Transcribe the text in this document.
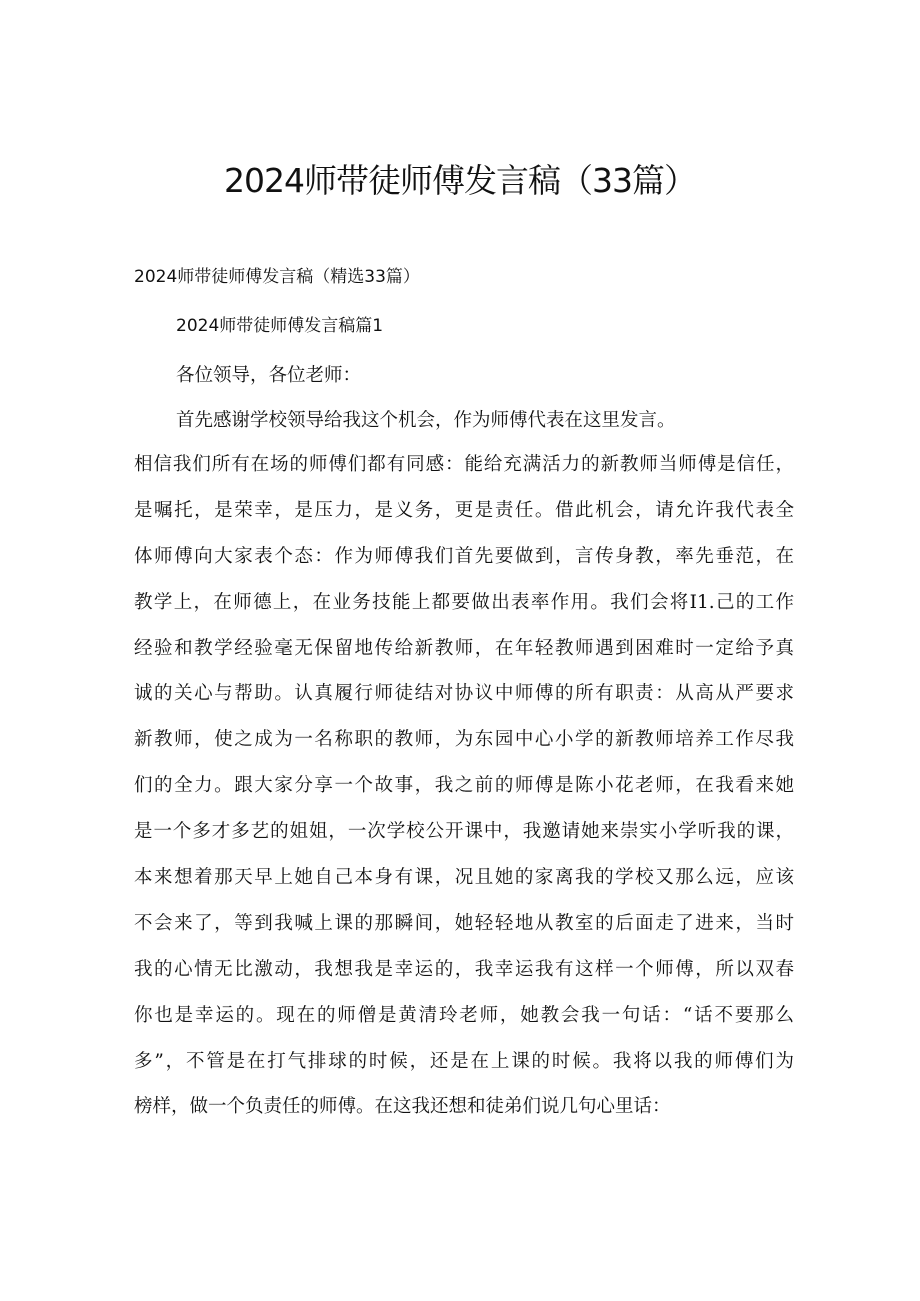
2024师带徒师傅发言稿（33篇）
2024师带徒师傅发言稿（精选33篇）
2024师带徒师傅发言稿篇1
各位领导，各位老师：
首先感谢学校领导给我这个机会，作为师傅代表在这里发言。
相信我们所有在场的师傅们都有同感：能给充满活力的新教师当师傅是信任，
是嘱托，是荣幸，是压力，是义务，更是责任。借此机会，请允许我代表全
体师傅向大家表个态：作为师傅我们首先要做到，言传身教，率先垂范，在
教学上，在师德上，在业务技能上都要做出表率作用。我们会将I1.己的工作
经验和教学经验毫无保留地传给新教师，在年轻教师遇到困难时一定给予真
诚的关心与帮助。认真履行师徒结对协议中师傅的所有职责：从高从严要求
新教师，使之成为一名称职的教师，为东园中心小学的新教师培养工作尽我
们的全力。跟大家分享一个故事，我之前的师傅是陈小花老师，在我看来她
是一个多才多艺的姐姐，一次学校公开课中，我邀请她来崇实小学听我的课，
本来想着那天早上她自己本身有课，况且她的家离我的学校又那么远，应该
不会来了，等到我喊上课的那瞬间，她轻轻地从教室的后面走了进来，当时
我的心情无比激动，我想我是幸运的，我幸运我有这样一个师傅，所以双春
你也是幸运的。现在的师僧是黄清玲老师，她教会我一句话：“话不要那么
多”，不管是在打气排球的时候，还是在上课的时候。我将以我的师傅们为
榜样，做一个负责任的师傅。在这我还想和徒弟们说几句心里话：
